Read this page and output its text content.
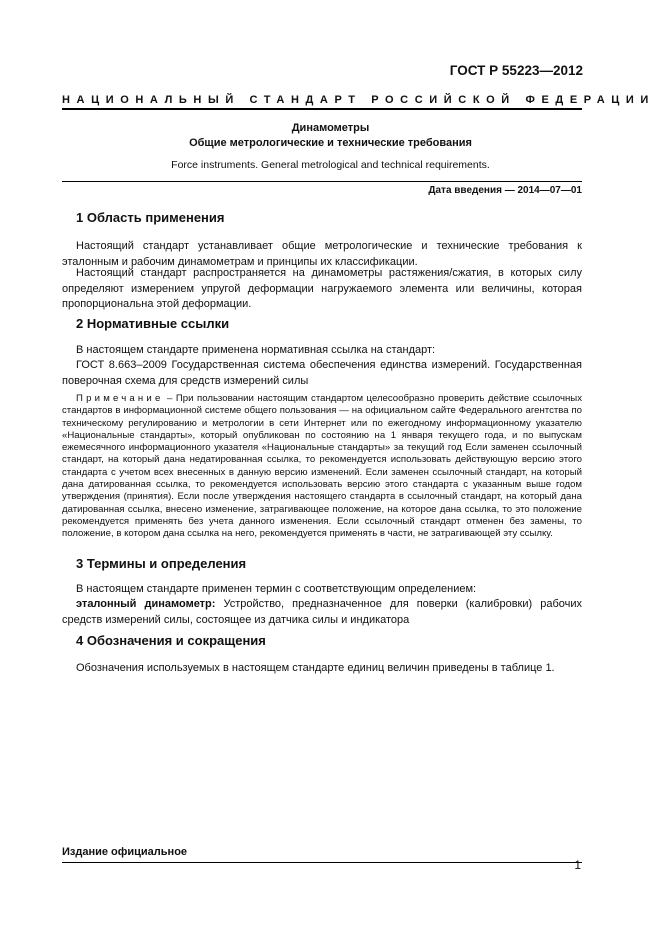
ГОСТ Р 55223—2012
НАЦИОНАЛЬНЫЙ СТАНДАРТ РОССИЙСКОЙ ФЕДЕРАЦИИ
Динамометры
Общие метрологические и технические требования
Force instruments. General metrological and technical requirements.
Дата введения — 2014—07—01
1 Область применения

Настоящий стандарт устанавливает общие метрологические и технические требования к эталонным и рабочим динамометрам и принципы их классификации.

Настоящий стандарт распространяется на динамометры растяжения/сжатия, в которых силу определяют измерением упругой деформации нагружаемого элемента или величины, которая пропорциональна этой деформации.

2 Нормативные ссылки

В настоящем стандарте применена нормативная ссылка на стандарт:

ГОСТ 8.663–2009 Государственная система обеспечения единства измерений. Государственная поверочная схема для средств измерений силы

Примечание – При пользовании настоящим стандартом целесообразно проверить действие ссылочных стандартов в информационной системе общего пользования — на официальном сайте Федерального агентства по техническому регулированию и метрологии в сети Интернет или по ежегодному информационному указателю «Национальные стандарты», который опубликован по состоянию на 1 января текущего года, и по выпускам ежемесячного информационного указателя «Национальные стандарты» за текущий год Если заменен ссылочный стандарт, на который дана недатированная ссылка, то рекомендуется использовать действующую версию этого стандарта с учетом всех внесенных в данную версию изменений. Если заменен ссылочный стандарт, на который дана датированная ссылка, то рекомендуется использовать версию этого стандарта с указанным выше годом утверждения (принятия). Если после утверждения настоящего стандарта в ссылочный стандарт, на который дана датированная ссылка, внесено изменение, затрагивающее положение, на которое дана ссылка, то это положение рекомендуется применять без учета данного изменения. Если ссылочный стандарт отменен без замены, то положение, в котором дана ссылка на него, рекомендуется применять в части, не затрагивающей эту ссылку.

3 Термины и определения

В настоящем стандарте применен термин с соответствующим определением:

эталонный динамометр: Устройство, предназначенное для поверки (калибровки) рабочих средств измерений силы, состоящее из датчика силы и индикатора

4 Обозначения и сокращения

Обозначения используемых в настоящем стандарте единиц величин приведены в таблице 1.

Издание официальное
1
